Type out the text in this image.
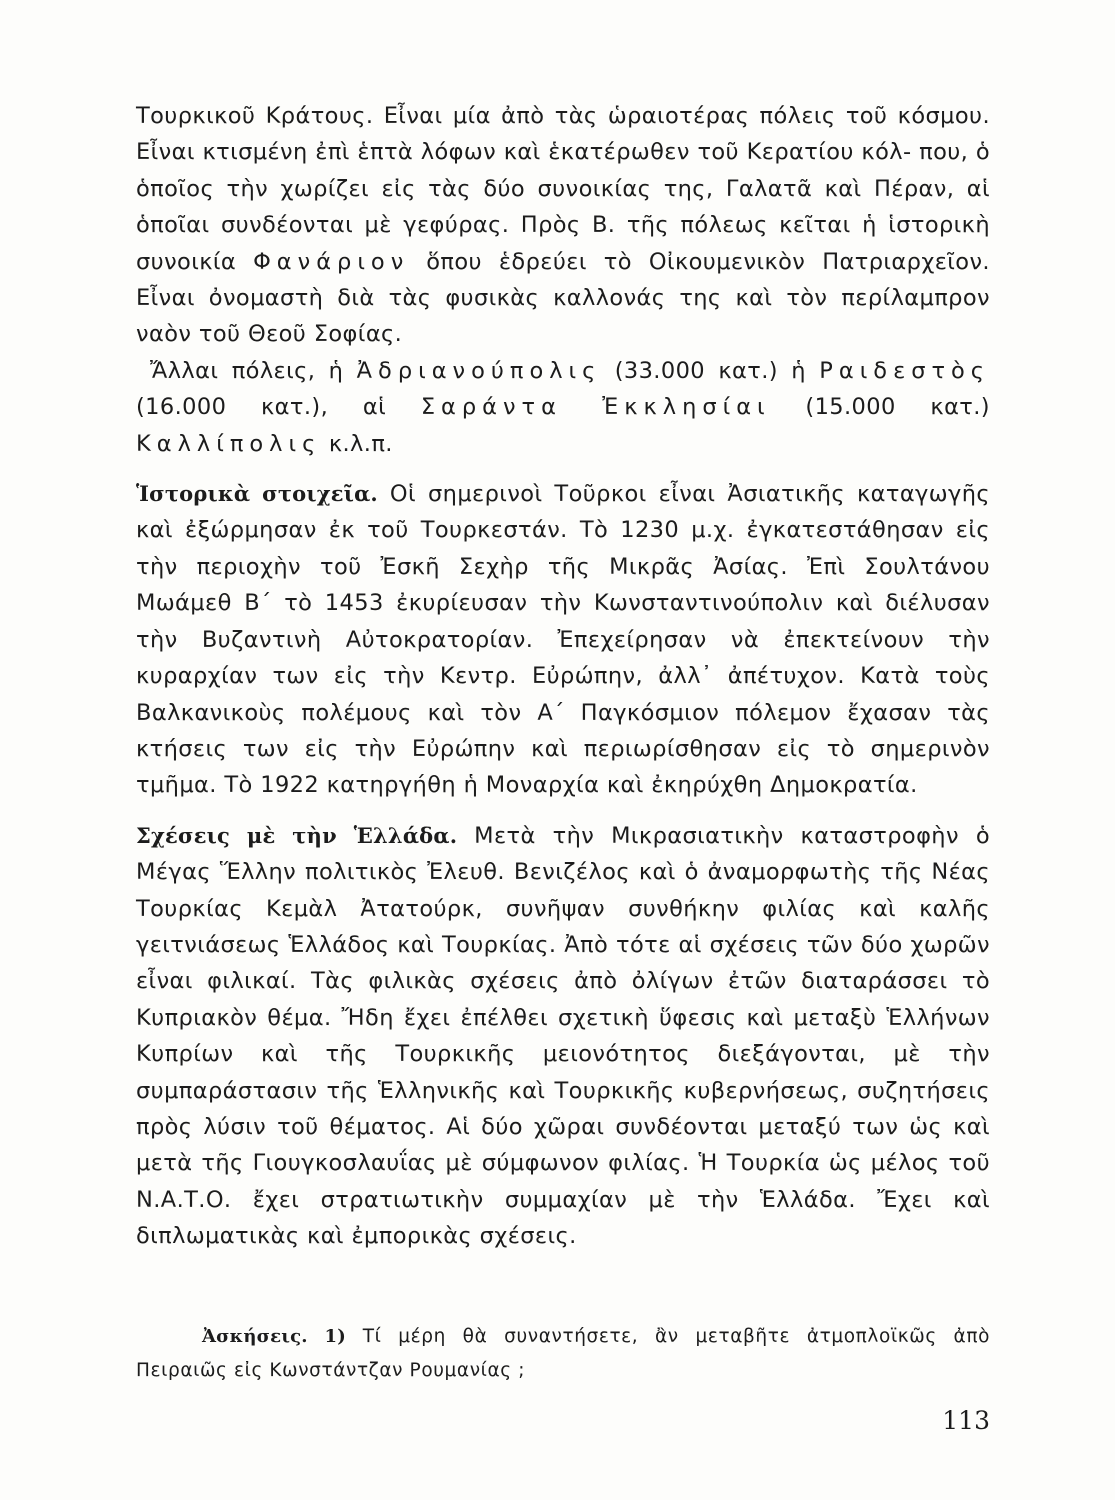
Τουρκικοῦ Κράτους. Εἶναι μία ἀπὸ τὰς ὡραιοτέρας πόλεις τοῦ κόσμου. Εἶναι κτισμένη ἐπὶ ἑπτὰ λόφων καὶ ἑκατέρωθεν τοῦ Κερατίου κόλ- που, ὁ ὁποῖος τὴν χωρίζει εἰς τὰς δύο συνοικίας της, Γαλατᾶ καὶ Πέραν, αἱ ὁποῖαι συνδέονται μὲ γεφύρας. Πρὸς Β. τῆς πόλεως κεῖται ἡ ἱστορικὴ συνοικία Φανάριον ὅπου ἑδρεύει τὸ Οἰκουμενικὸν Πατριαρχεῖον. Εἶναι ὀνομαστὴ διὰ τὰς φυσικὰς καλλονάς της καὶ τὸν περίλαμπρον ναὸν τοῦ Θεοῦ Σοφίας.

Ἄλλαι πόλεις, ἡ Ἀδριανούπολις (33.000 κατ.) ἡ Ραιδεστὸς (16.000 κατ.), αἱ Σαράντα Ἐκκλησίαι (15.000 κατ.) Καλλίπολις κ.λ.π.

Ἱστορικὰ στοιχεῖα. Οἱ σημερινοὶ Τοῦρκοι εἶναι Ἀσιατικῆς καταγωγῆς καὶ ἐξώρμησαν ἐκ τοῦ Τουρκεστάν. Τὸ 1230 μ.χ. ἐγκατεστάθησαν εἰς τὴν περιοχὴν τοῦ Ἐσκῆ Σεχὴρ τῆς Μικρᾶς Ἀσίας. Ἐπὶ Σουλτάνου Μωάμεθ Β΄ τὸ 1453 ἐκυρίευσαν τὴν Κωνσταντινούπολιν καὶ διέλυσαν τὴν Βυζαντινὴ Αὐτοκρατορίαν. Ἐπεχείρησαν νὰ ἐπεκτείνουν τὴν κυραρχίαν των εἰς τὴν Κεντρ. Εὐρώπην, ἀλλ᾽ ἀπέτυχον. Κατὰ τοὺς Βαλκανικοὺς πολέμους καὶ τὸν Α΄ Παγκόσμιον πόλεμον ἔχασαν τὰς κτήσεις των εἰς τὴν Εὐρώπην καὶ περιωρίσθησαν εἰς τὸ σημερινὸν τμῆμα. Τὸ 1922 κατηργήθη ἡ Μοναρχία καὶ ἐκηρύχθη Δημοκρατία.

Σχέσεις μὲ τὴν Ἑλλάδα. Μετὰ τὴν Μικρασιατικὴν καταστροφὴν ὁ Μέγας Ἕλλην πολιτικὸς Ἐλευθ. Βενιζέλος καὶ ὁ ἀναμορφωτὴς τῆς Νέας Τουρκίας Κεμὰλ Ἀτατούρκ, συνῆψαν συνθήκην φιλίας καὶ καλῆς γειτνιάσεως Ἑλλάδος καὶ Τουρκίας. Ἀπὸ τότε αἱ σχέσεις τῶν δύο χωρῶν εἶναι φιλικαί. Τὰς φιλικὰς σχέσεις ἀπὸ ὀλίγων ἐτῶν διαταράσσει τὸ Κυπριακὸν θέμα. Ἤδη ἔχει ἐπέλθει σχετικὴ ὕφεσις καὶ μεταξὺ Ἑλλήνων Κυπρίων καὶ τῆς Τουρκικῆς μειονότητος διεξάγονται, μὲ τὴν συμπαράστασιν τῆς Ἑλληνικῆς καὶ Τουρκικῆς κυβερνήσεως, συζητήσεις πρὸς λύσιν τοῦ θέματος. Αἱ δύο χῶραι συνδέονται μεταξύ των ὡς καὶ μετὰ τῆς Γιουγκοσλαυΐας μὲ σύμφωνον φιλίας. Ἡ Τουρκία ὡς μέλος τοῦ Ν.Α.Τ.Ο. ἔχει στρατιωτικὴν συμμαχίαν μὲ τὴν Ἑλλάδα. Ἔχει καὶ διπλωματικὰς καὶ ἐμπορικὰς σχέσεις.

Ἀσκήσεις. 1) Τί μέρη θὰ συναντήσετε, ἂν μεταβῆτε ἀτμοπλοϊκῶς ἀπὸ Πειραιῶς εἰς Κωνστάντζαν Ρουμανίας ;

113
